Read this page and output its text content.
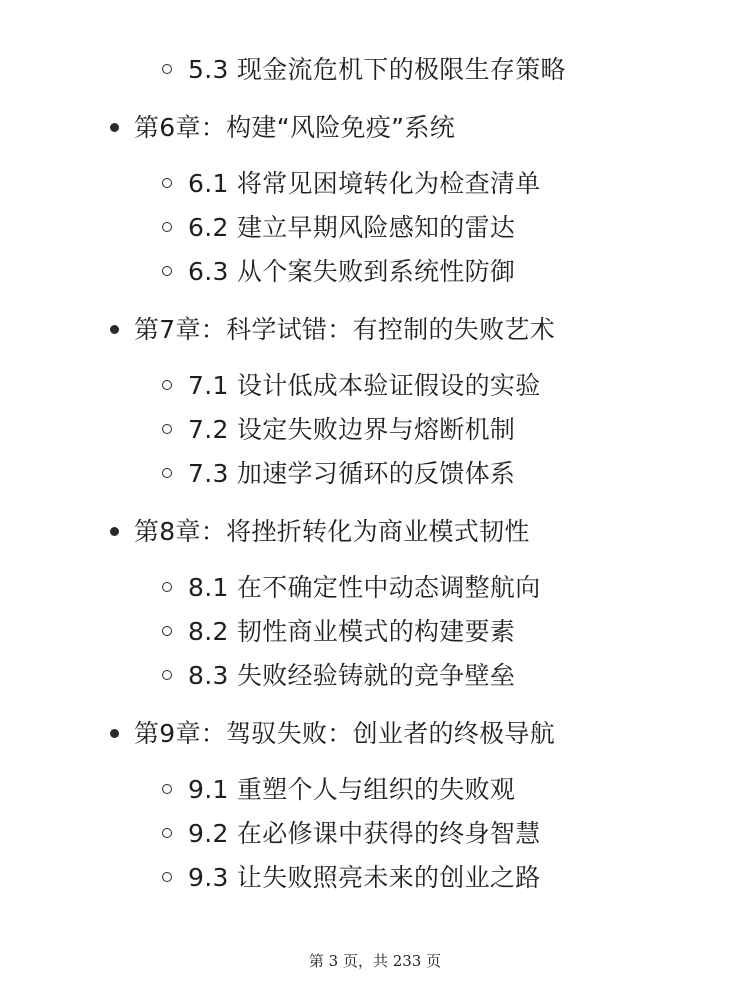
5.3 现金流危机下的极限生存策略
第6章：构建“风险免疫”系统
6.1 将常见困境转化为检查清单
6.2 建立早期风险感知的雷达
6.3 从个案失败到系统性防御
第7章：科学试错：有控制的失败艺术
7.1 设计低成本验证假设的实验
7.2 设定失败边界与熔断机制
7.3 加速学习循环的反馈体系
第8章：将挫折转化为商业模式韧性
8.1 在不确定性中动态调整航向
8.2 韧性商业模式的构建要素
8.3 失败经验铸就的竞争壁垒
第9章：驾驭失败：创业者的终极导航
9.1 重塑个人与组织的失败观
9.2 在必修课中获得的终身智慧
9.3 让失败照亮未来的创业之路
第 3 页，共 233 页
